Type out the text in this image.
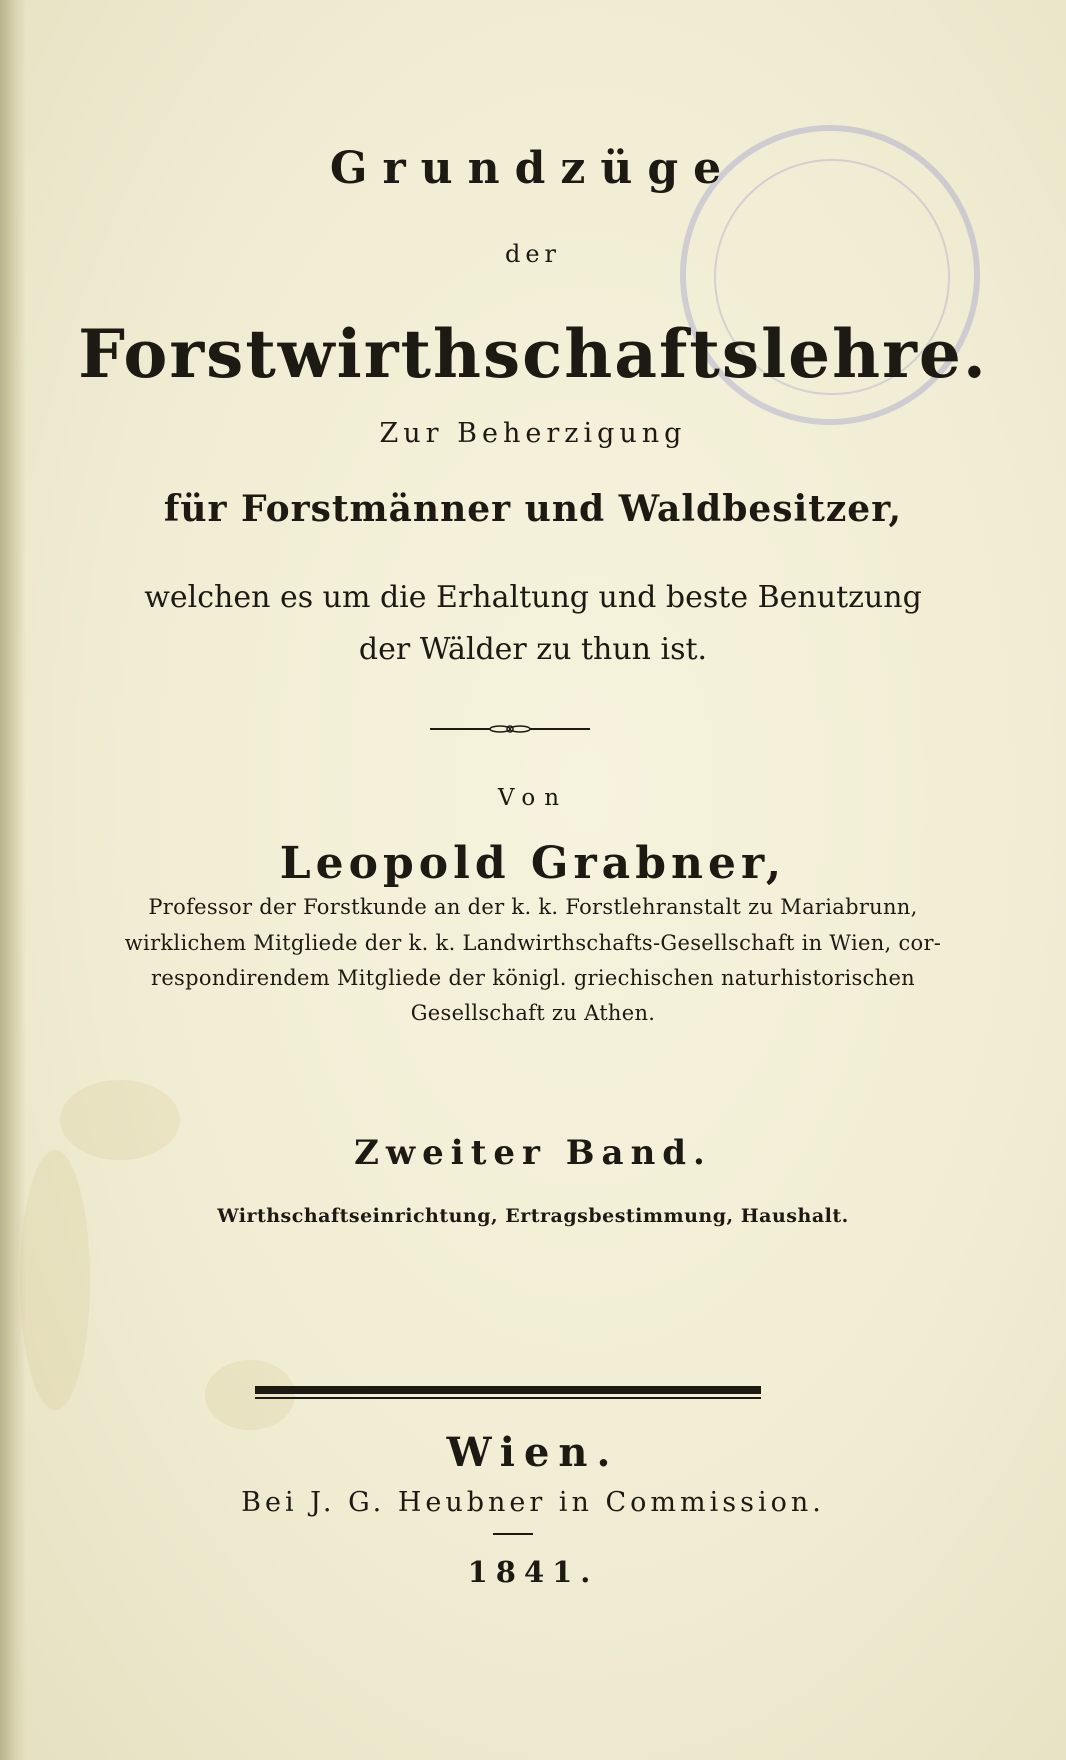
Grundzüge
der
Forstwirthschaftslehre.
Zur Beherzigung
für Forstmänner und Waldbesitzer,
welchen es um die Erhaltung und beste Benutzung
der Wälder zu thun ist.
Von
Leopold Grabner,
Professor der Forstkunde an der k. k. Forstlehranstalt zu Mariabrunn,
wirklichem Mitgliede der k. k. Landwirthschafts-Gesellschaft in Wien, cor-
respondirendem Mitgliede der königl. griechischen naturhistorischen
Gesellschaft zu Athen.
Zweiter Band.
Wirthschaftseinrichtung, Ertragsbestimmung, Haushalt.
Wien.
Bei J. G. Heubner in Commission.
1841.
